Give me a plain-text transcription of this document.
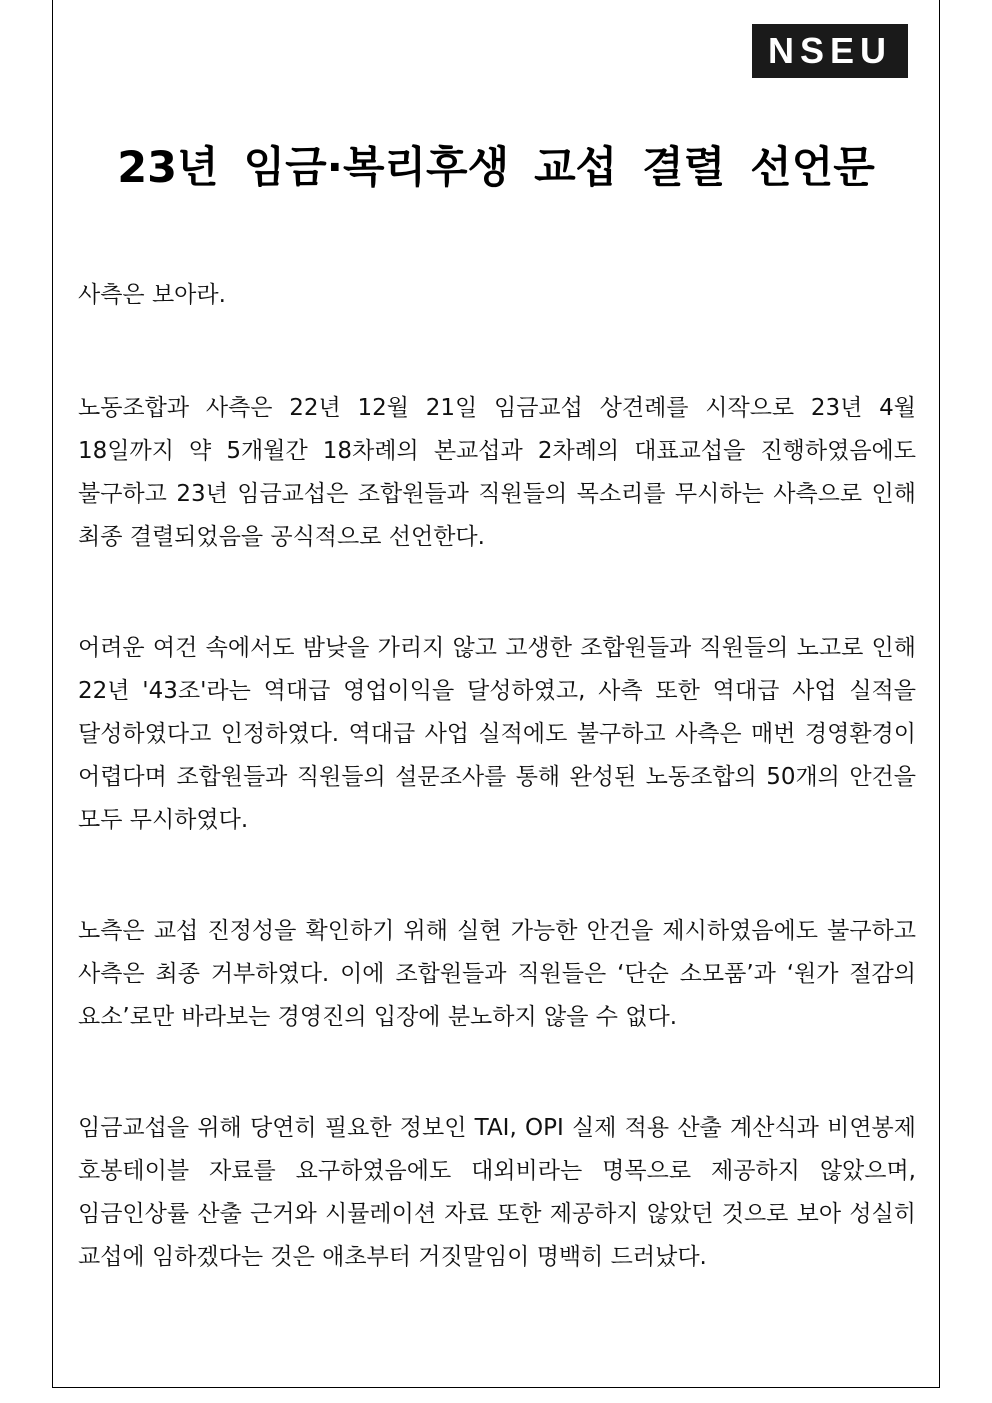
NSEU
23년 임금·복리후생 교섭 결렬 선언문

사측은 보아라.

노동조합과 사측은 22년 12월 21일 임금교섭 상견례를 시작으로 23년 4월 18일까지 약 5개월간 18차례의 본교섭과 2차례의 대표교섭을 진행하였음에도 불구하고 23년 임금교섭은 조합원들과 직원들의 목소리를 무시하는 사측으로 인해 최종 결렬되었음을 공식적으로 선언한다.

어려운 여건 속에서도 밤낮을 가리지 않고 고생한 조합원들과 직원들의 노고로 인해 22년 '43조'라는 역대급 영업이익을 달성하였고, 사측 또한 역대급 사업 실적을 달성하였다고 인정하였다. 역대급 사업 실적에도 불구하고 사측은 매번 경영환경이 어렵다며 조합원들과 직원들의 설문조사를 통해 완성된 노동조합의 50개의 안건을 모두 무시하였다.

노측은 교섭 진정성을 확인하기 위해 실현 가능한 안건을 제시하였음에도 불구하고 사측은 최종 거부하였다. 이에 조합원들과 직원들은 ‘단순 소모품’과 ‘원가 절감의 요소’로만 바라보는 경영진의 입장에 분노하지 않을 수 없다.

임금교섭을 위해 당연히 필요한 정보인 TAI, OPI 실제 적용 산출 계산식과 비연봉제 호봉테이블 자료를 요구하였음에도 대외비라는 명목으로 제공하지 않았으며, 임금인상률 산출 근거와 시뮬레이션 자료 또한 제공하지 않았던 것으로 보아 성실히 교섭에 임하겠다는 것은 애초부터 거짓말임이 명백히 드러났다.
